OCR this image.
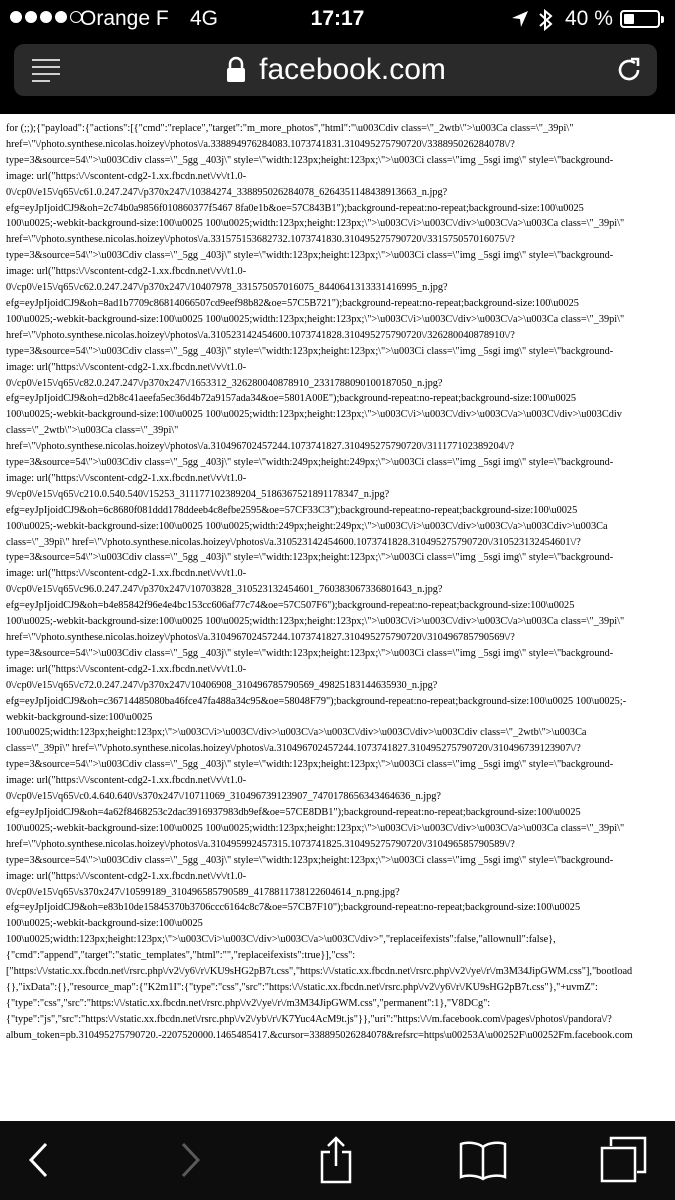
Orange F 4G	17:17	40 %
facebook.com
for (;;);{"payload":{"actions":[{"cmd":"replace","target":"m_more_photos","html":"\u003Cdiv class=\"_2wtb\">\u003Ca class=\"_39pi\"
href=\"\/photo.synthese.nicolas.hoizey\/photos\/a.338894976284083.1073741831.310495275790720\/338895026284078\/?
type=3&source=54\">\u003Cdiv class=\"_5gg _403j\" style=\"width:123px;height:123px;\">\u003Ci class=\"img _5sgi img\" style=\"background-
image: url("https:\/\/scontent-cdg2-1.xx.fbcdn.net\/v\/t1.0-
0\/cp0\/e15\/q65\/c61.0.247.247\/p370x247\/10384274_338895026284078_6264351148438913663_n.jpg?
efg=eyJpIjoidCJ9&oh=2c74b0a9856f010860377f5467 8fa0e1b&oe=57C843B1");background-repeat:no-repeat;background-size:100\u0025
100\u0025;-webkit-background-size:100\u0025 100\u0025;width:123px;height:123px;\">\u003C\/i>\u003C\/div>\u003C\/a>\u003Ca class=\"_39pi\"
href=\"\/photo.synthese.nicolas.hoizey\/photos\/a.331575153682732.1073741830.310495275790720\/331575057016075\/?
type=3&source=54\">\u003Cdiv class=\"_5gg _403j\" style=\"width:123px;height:123px;\">\u003Ci class=\"img _5sgi img\" style=\"background-
image: url("https:\/\/scontent-cdg2-1.xx.fbcdn.net\/v\/t1.0-
0\/cp0\/e15\/q65\/c62.0.247.247\/p370x247\/10407978_331575057016075_8440641313331416995_n.jpg?
efg=eyJpIjoidCJ9&oh=8ad1b7709c86814066507cd9eef98b82&oe=57C5B721");background-repeat:no-repeat;background-size:100\u0025
100\u0025;-webkit-background-size:100\u0025 100\u0025;width:123px;height:123px;\">\u003C\/i>\u003C\/div>\u003C\/a>\u003Ca class=\"_39pi\"
href=\"\/photo.synthese.nicolas.hoizey\/photos\/a.310523142454600.1073741828.310495275790720\/326280040878910\/?
type=3&source=54\">\u003Cdiv class=\"_5gg _403j\" style=\"width:123px;height:123px;\">\u003Ci class=\"img _5sgi img\" style=\"background-
image: url("https:\/\/scontent-cdg2-1.xx.fbcdn.net\/v\/t1.0-
0\/cp0\/e15\/q65\/c82.0.247.247\/p370x247\/1653312_326280040878910_2331788090100187050_n.jpg?
efg=eyJpIjoidCJ9&oh=d2b8c41aeefa5ec36d4b72a9157ada34&oe=5801A00E");background-repeat:no-repeat;background-size:100\u0025
100\u0025;-webkit-background-size:100\u0025 100\u0025;width:123px;height:123px;\">\u003C\/i>\u003C\/div>\u003C\/a>\u003C\/div>\u003Cdiv
class=\"_2wtb\">\u003Ca class=\"_39pi\"
href=\"\/photo.synthese.nicolas.hoizey\/photos\/a.310496702457244.1073741827.310495275790720\/311177102389204\/?
type=3&source=54\">\u003Cdiv class=\"_5gg _403j\" style=\"width:249px;height:249px;\">\u003Ci class=\"img _5sgi img\" style=\"background-
image: url("https:\/\/scontent-cdg2-1.xx.fbcdn.net\/v\/t1.0-
9\/cp0\/e15\/q65\/c210.0.540.540\/15253_311177102389204_5186367521891178347_n.jpg?
efg=eyJpIjoidCJ9&oh=6c8680f081ddd178ddeeb4c8efbe2595&oe=57CF33C3");background-repeat:no-repeat;background-size:100\u0025
100\u0025;-webkit-background-size:100\u0025 100\u0025;width:249px;height:249px;\">\u003C\/i>\u003C\/div>\u003C\/a>\u003Cdiv>\u003Ca
class=\"_39pi\" href=\"\/photo.synthese.nicolas.hoizey\/photos\/a.310523142454600.1073741828.310495275790720\/310523132454601\/?
type=3&source=54\">\u003Cdiv class=\"_5gg _403j\" style=\"width:123px;height:123px;\">\u003Ci class=\"img _5sgi img\" style=\"background-
image: url("https:\/\/scontent-cdg2-1.xx.fbcdn.net\/v\/t1.0-
0\/cp0\/e15\/q65\/c96.0.247.247\/p370x247\/10703828_310523132454601_760383067336801643_n.jpg?
efg=eyJpIjoidCJ9&oh=b4e85842f96e4e4bc153cc606af77c74&oe=57C507F6");background-repeat:no-repeat;background-size:100\u0025
100\u0025;-webkit-background-size:100\u0025 100\u0025;width:123px;height:123px;\">\u003C\/i>\u003C\/div>\u003C\/a>\u003Ca class=\"_39pi\"
href=\"\/photo.synthese.nicolas.hoizey\/photos\/a.310496702457244.1073741827.310495275790720\/310496785790569\/?
type=3&source=54\">\u003Cdiv class=\"_5gg _403j\" style=\"width:123px;height:123px;\">\u003Ci class=\"img _5sgi img\" style=\"background-
image: url("https:\/\/scontent-cdg2-1.xx.fbcdn.net\/v\/t1.0-
0\/cp0\/e15\/q65\/c72.0.247.247\/p370x247\/10406908_310496785790569_49825183144635930_n.jpg?
efg=eyJpIjoidCJ9&oh=c36714485080ba46fce47fa488a34c95&oe=58048F79");background-repeat:no-repeat;background-size:100\u0025 100\u0025;-
webkit-background-size:100\u0025
100\u0025;width:123px;height:123px;\">\u003C\/i>\u003C\/div>\u003C\/a>\u003C\/div>\u003C\/div>\u003Cdiv class=\"_2wtb\">\u003Ca
class=\"_39pi\" href=\"\/photo.synthese.nicolas.hoizey\/photos\/a.310496702457244.1073741827.310495275790720\/310496739123907\/?
type=3&source=54\">\u003Cdiv class=\"_5gg _403j\" style=\"width:123px;height:123px;\">\u003Ci class=\"img _5sgi img\" style=\"background-
image: url("https:\/\/scontent-cdg2-1.xx.fbcdn.net\/v\/t1.0-
0\/cp0\/e15\/q65\/c0.4.640.640\/s370x247\/10711069_310496739123907_7470178656343464636_n.jpg?
efg=eyJpIjoidCJ9&oh=4a62f8468253c2dac3916937983db9ef&oe=57CE8DB1");background-repeat:no-repeat;background-size:100\u0025
100\u0025;-webkit-background-size:100\u0025 100\u0025;width:123px;height:123px;\">\u003C\/i>\u003C\/div>\u003C\/a>\u003Ca class=\"_39pi\"
href=\"\/photo.synthese.nicolas.hoizey\/photos\/a.310495992457315.1073741825.310495275790720\/310496585790589\/?
type=3&source=54\">\u003Cdiv class=\"_5gg _403j\" style=\"width:123px;height:123px;\">\u003Ci class=\"img _5sgi img\" style=\"background-
image: url("https:\/\/scontent-cdg2-1.xx.fbcdn.net\/v\/t1.0-
0\/cp0\/e15\/q65\/s370x247\/10599189_310496585790589_4178811738122604614_n.png.jpg?
efg=eyJpIjoidCJ9&oh=e83b10de15845370b3706ccc6164c8c7&oe=57CB7F10");background-repeat:no-repeat;background-size:100\u0025
100\u0025;-webkit-background-size:100\u0025
100\u0025;width:123px;height:123px;\">\u003C\/i>\u003C\/div>\u003C\/a>\u003C\/div>","replaceifexists":false,"allownull":false},
{"cmd":"append","target":"static_templates","html":"","replaceifexists":true}],"css":
["https:\/\/static.xx.fbcdn.net\/rsrc.php\/v2\/y6\/r\/KU9sHG2pB7t.css","https:\/\/static.xx.fbcdn.net\/rsrc.php\/v2\/ye\/r\/m3M34JipGWM.css"],"bootload
{},"ixData":{},"resource_map":{"K2m1I":{"type":"css","src":"https:\/\/static.xx.fbcdn.net\/rsrc.php\/v2\/y6\/r\/KU9sHG2pB7t.css"},"+uvmZ":
{"type":"css","src":"https:\/\/static.xx.fbcdn.net\/rsrc.php\/v2\/ye\/r\/m3M34JipGWM.css","permanent":1},"V8DCg":
{"type":"js","src":"https:\/\/static.xx.fbcdn.net\/rsrc.php\/v2\/yb\/r\/K7Yuc4AcM9t.js"}},"uri":"https:\/\/m.facebook.com\/pages\/photos\/pandora\/?
album_token=pb.310495275790720.-2207520000.1465485417.&cursor=338895026284078&refsrc=https\u00253A\u00252F\u00252Fm.facebook.com
